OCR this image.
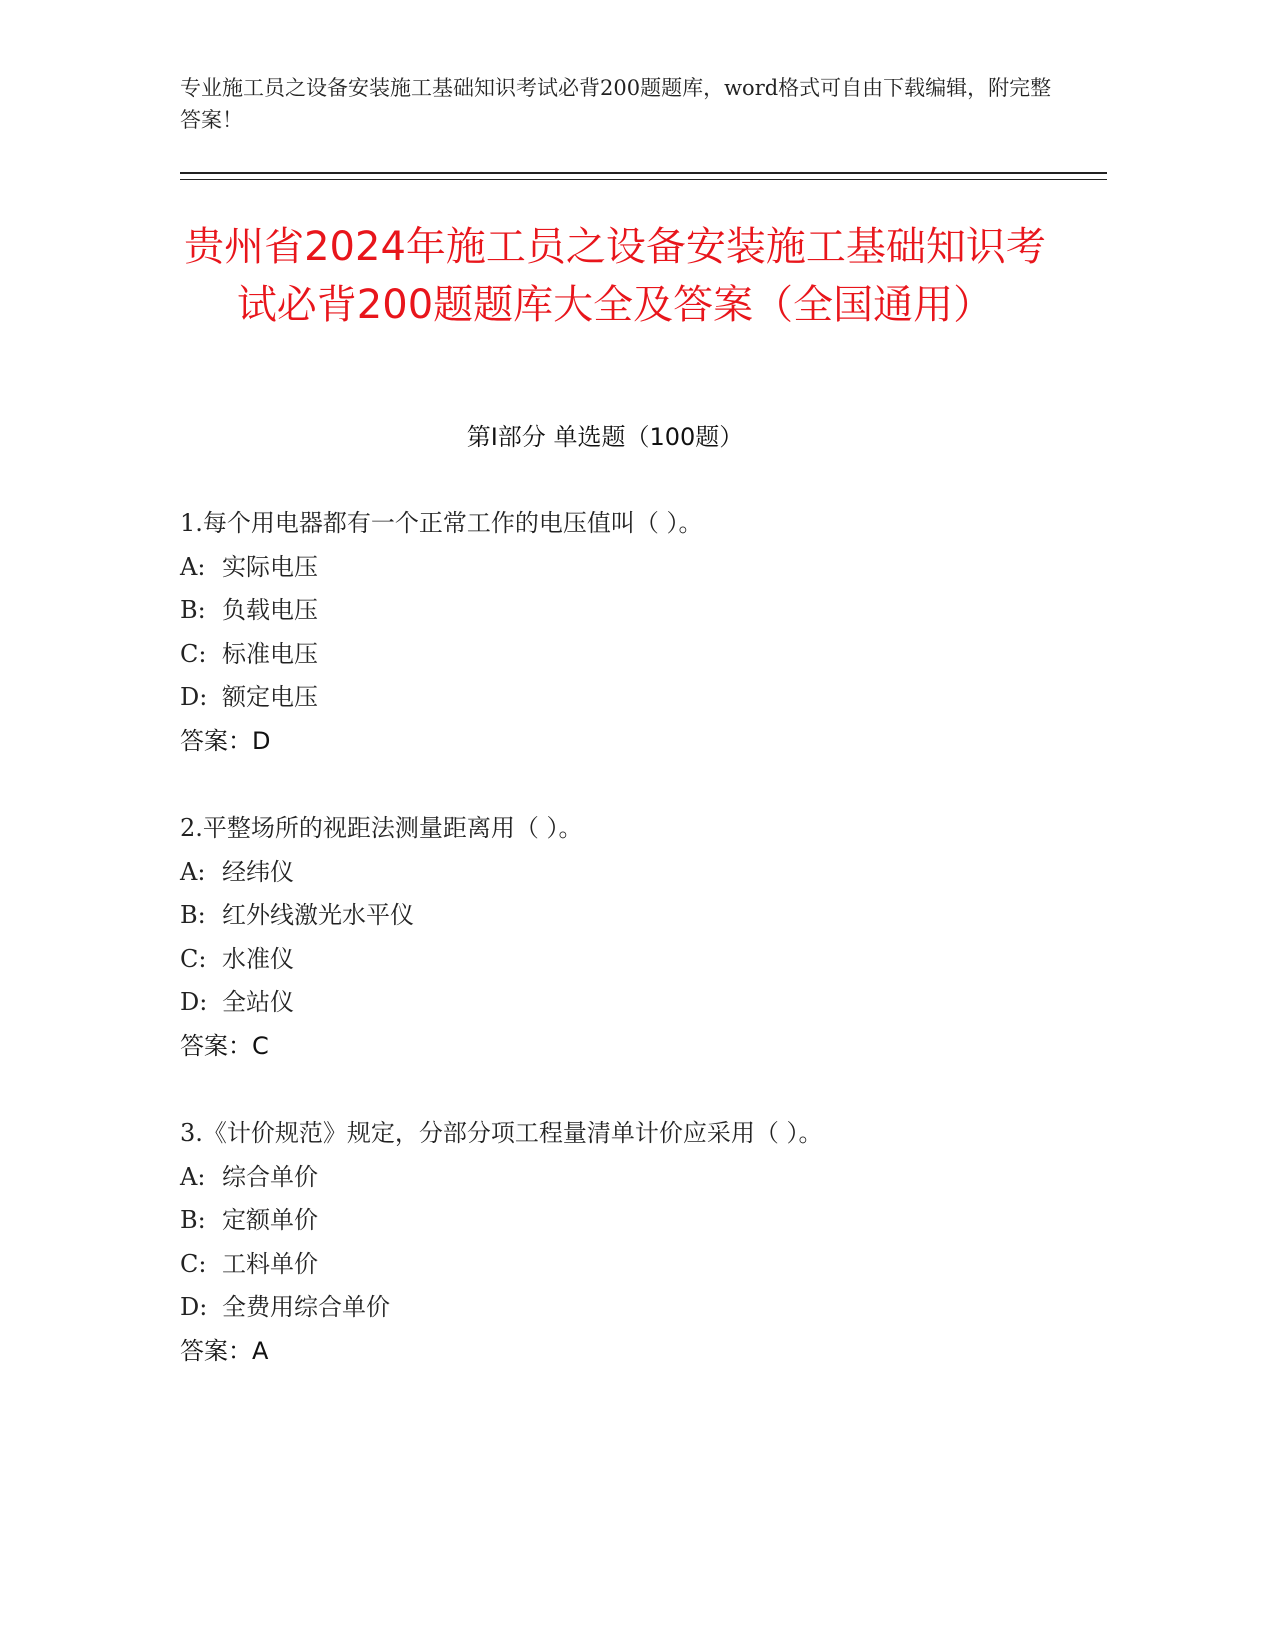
专业施工员之设备安装施工基础知识考试必背200题题库，word格式可自由下载编辑，附完整答案！
贵州省2024年施工员之设备安装施工基础知识考试必背200题题库大全及答案（全国通用）
第I部分 单选题（100题）
1.每个用电器都有一个正常工作的电压值叫（ ）。
A: 实际电压
B: 负载电压
C: 标准电压
D: 额定电压
答案：D
2.平整场所的视距法测量距离用（ ）。
A: 经纬仪
B: 红外线激光水平仪
C: 水准仪
D: 全站仪
答案：C
3.《计价规范》规定，分部分项工程量清单计价应采用（ ）。
A: 综合单价
B: 定额单价
C: 工料单价
D: 全费用综合单价
答案：A
